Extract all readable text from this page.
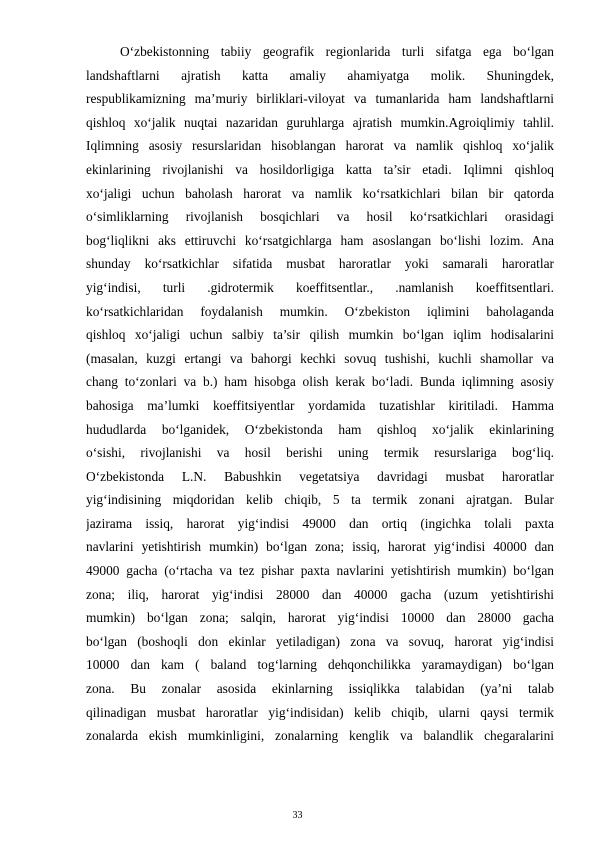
O‘zbekistonning tabiiy geografik regionlarida turli sifatga ega bo‘lgan
landshaftlarni ajratish katta amaliy ahamiyatga molik. Shuningdek,
respublikamizning ma’muriy birliklari-viloyat va tumanlarida ham landshaftlarni
qishloq xo‘jalik nuqtai nazaridan guruhlarga ajratish mumkin.Agroiqlimiy tahlil.
Iqlimning asosiy resurslaridan hisoblangan harorat va namlik qishloq xo‘jalik
ekinlarining rivojlanishi va hosildorligiga katta ta’sir etadi. Iqlimni qishloq
xo‘jaligi uchun baholash harorat va namlik ko‘rsatkichlari bilan bir qatorda
o‘simliklarning rivojlanish bosqichlari va hosil ko‘rsatkichlari orasidagi
bog‘liqlikni aks ettiruvchi ko‘rsatgichlarga ham asoslangan bo‘lishi lozim. Ana
shunday ko‘rsatkichlar sifatida musbat haroratlar yoki samarali haroratlar
yig‘indisi, turli .gidrotermik koeffitsentlar., .namlanish koeffitsentlari.
ko‘rsatkichlaridan foydalanish mumkin. O‘zbekiston iqlimini baholaganda
qishloq xo‘jaligi uchun salbiy ta’sir qilish mumkin bo‘lgan iqlim hodisalarini
(masalan, kuzgi ertangi va bahorgi kechki sovuq tushishi, kuchli shamollar va
chang to‘zonlari va b.) ham hisobga olish kerak bo‘ladi. Bunda iqlimning asosiy
bahosiga ma’lumki koeffitsiyentlar yordamida tuzatishlar kiritiladi. Hamma
hududlarda bo‘lganidek, O‘zbekistonda ham qishloq xo‘jalik ekinlarining
o‘sishi, rivojlanishi va hosil berishi uning termik resurslariga bog‘liq.
O‘zbekistonda L.N. Babushkin vegetatsiya davridagi musbat haroratlar
yig‘indisining miqdoridan kelib chiqib, 5 ta termik zonani ajratgan. Bular
jazirama issiq, harorat yig‘indisi 49000 dan ortiq (ingichka tolali paxta
navlarini yetishtirish mumkin) bo‘lgan zona; issiq, harorat yig‘indisi 40000 dan
49000 gacha (o‘rtacha va tez pishar paxta navlarini yetishtirish mumkin) bo‘lgan
zona; iliq, harorat yig‘indisi 28000 dan 40000 gacha (uzum yetishtirishi
mumkin) bo‘lgan zona; salqin, harorat yig‘indisi 10000 dan 28000 gacha
bo‘lgan (boshoqli don ekinlar yetiladigan) zona va sovuq, harorat yig‘indisi
10000 dan kam ( baland tog‘larning dehqonchilikka yaramaydigan) bo‘lgan
zona. Bu zonalar asosida ekinlarning issiqlikka talabidan (ya’ni talab
qilinadigan musbat haroratlar yig‘indisidan) kelib chiqib, ularni qaysi termik
zonalarda ekish mumkinligini, zonalarning kenglik va balandlik chegaralarini
33
